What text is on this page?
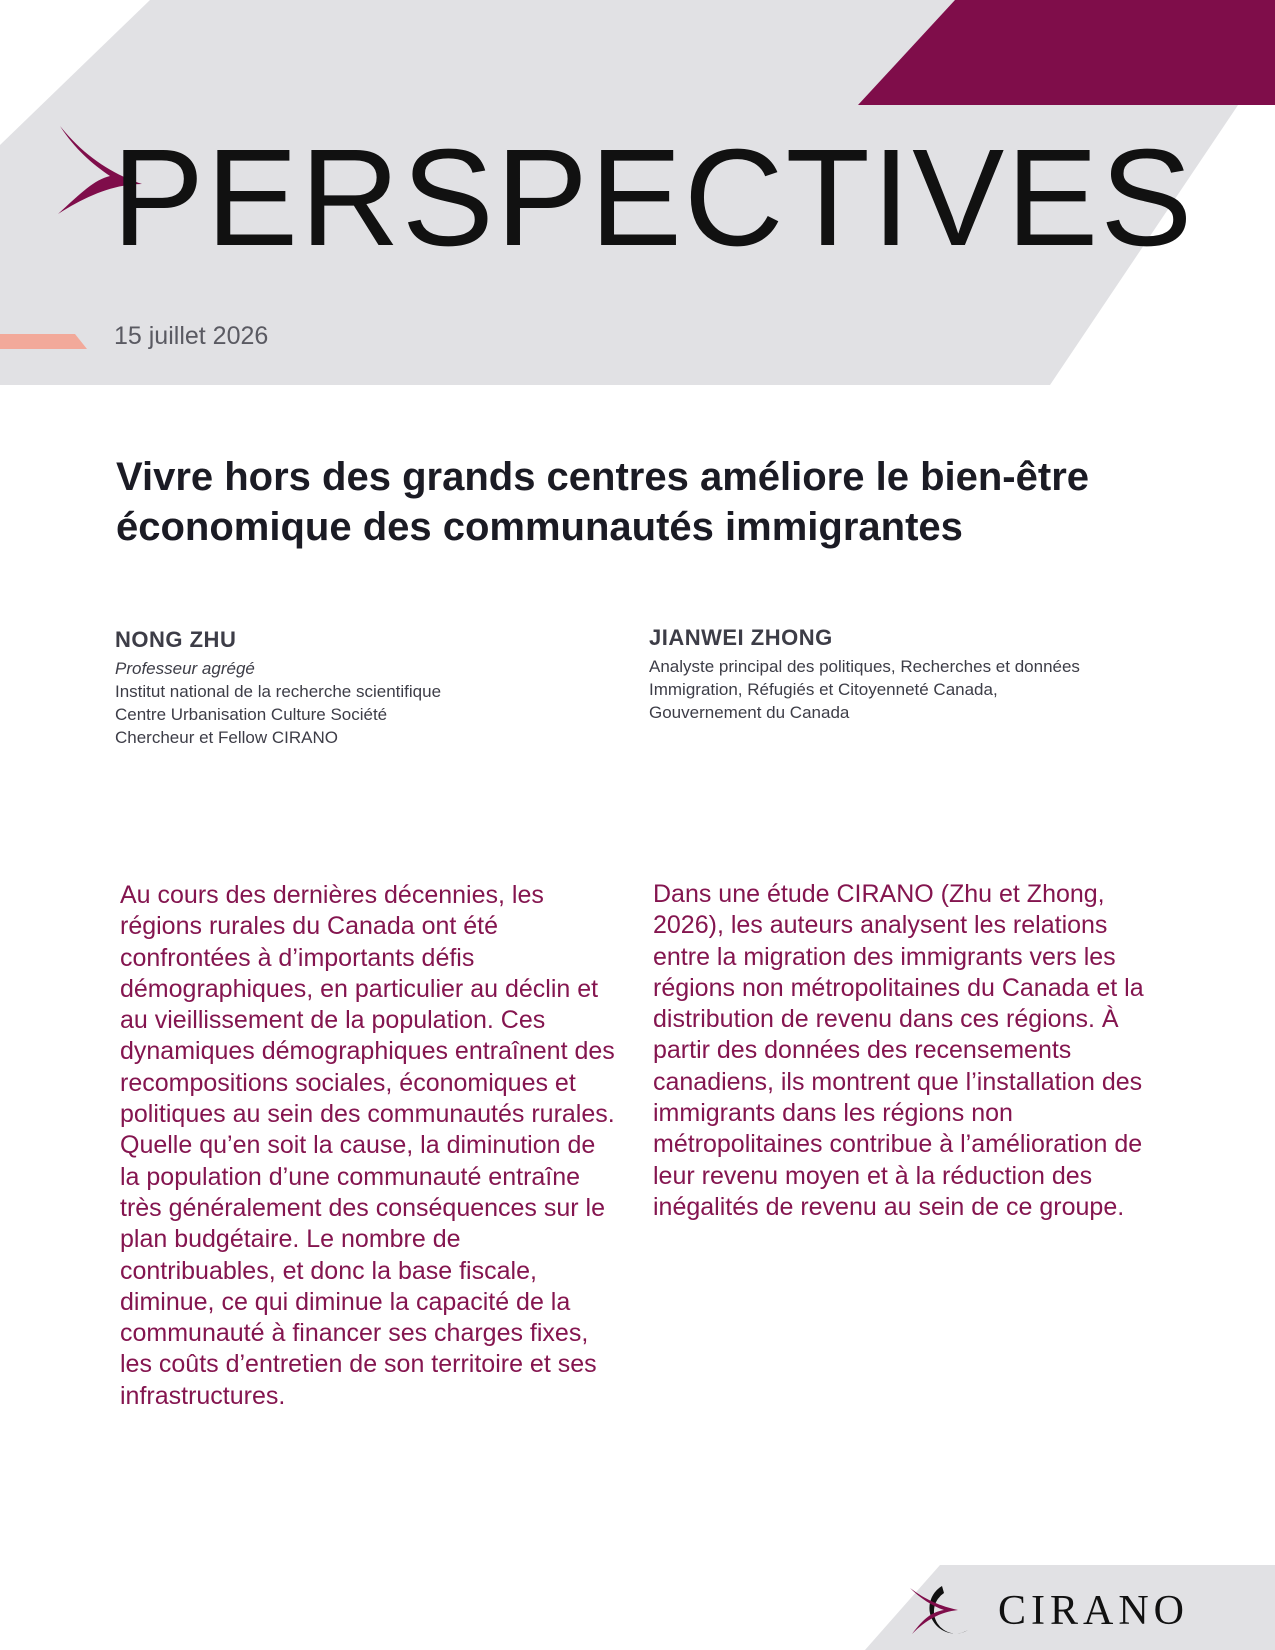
PERSPECTIVES
15 juillet 2026
Vivre hors des grands centres améliore le bien-être économique des communautés immigrantes
NONG ZHU
Professeur agrégé
Institut national de la recherche scientifique
Centre Urbanisation Culture Société
Chercheur et Fellow CIRANO
JIANWEI ZHONG
Analyste principal des politiques, Recherches et données
Immigration, Réfugiés et Citoyenneté Canada,
Gouvernement du Canada

Au cours des dernières décennies, les régions rurales du Canada ont été confrontées à d’importants défis démographiques, en particulier au déclin et au vieillissement de la population. Ces dynamiques démographiques entraînent des recompositions sociales, économiques et politiques au sein des communautés rurales. Quelle qu’en soit la cause, la diminution de la population d’une communauté entraîne très généralement des conséquences sur le plan budgétaire. Le nombre de contribuables, et donc la base fiscale, diminue, ce qui diminue la capacité de la communauté à financer ses charges fixes, les coûts d’entretien de son territoire et ses infrastructures.

Dans une étude CIRANO (Zhu et Zhong, 2026), les auteurs analysent les relations entre la migration des immigrants vers les régions non métropolitaines du Canada et la distribution de revenu dans ces régions. À partir des données des recensements canadiens, ils montrent que l’installation des immigrants dans les régions non métropolitaines contribue à l’amélioration de leur revenu moyen et à la réduction des inégalités de revenu au sein de ce groupe.

CIRANO
